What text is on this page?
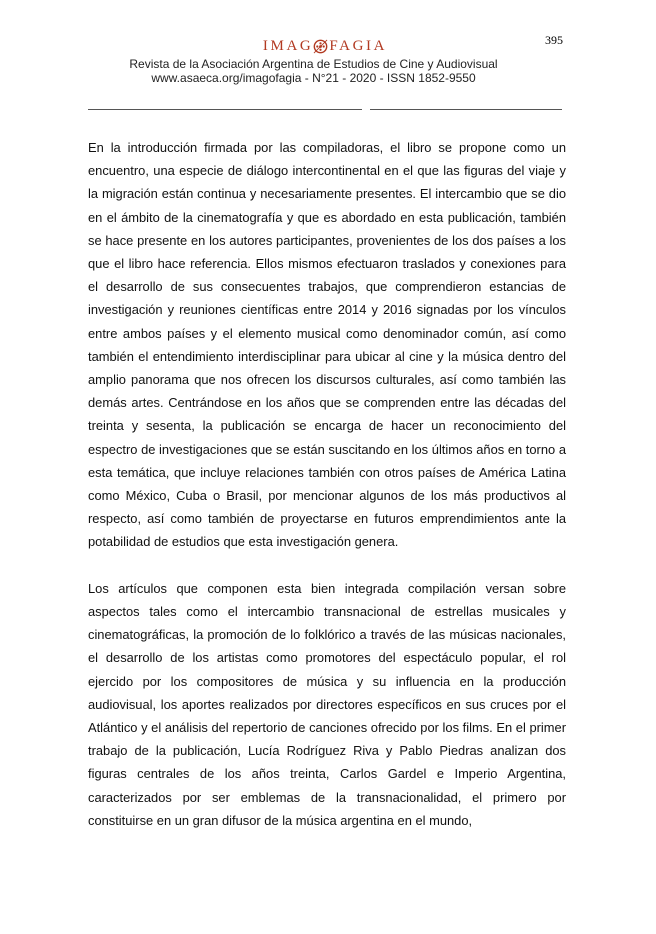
395
IMAG FAGIA
Revista de la Asociación Argentina de Estudios de Cine y Audiovisual
www.asaeca.org/imagofagia - N°21 - 2020 - ISSN 1852-9550

En la introducción firmada por las compiladoras, el libro se propone como un encuentro, una especie de diálogo intercontinental en el que las figuras del viaje y la migración están continua y necesariamente presentes. El intercambio que se dio en el ámbito de la cinematografía y que es abordado en esta publicación, también se hace presente en los autores participantes, provenientes de los dos países a los que el libro hace referencia. Ellos mismos efectuaron traslados y conexiones para el desarrollo de sus consecuentes trabajos, que comprendieron estancias de investigación y reuniones científicas entre 2014 y 2016 signadas por los vínculos entre ambos países y el elemento musical como denominador común, así como también el entendimiento interdisciplinar para ubicar al cine y la música dentro del amplio panorama que nos ofrecen los discursos culturales, así como también las demás artes. Centrándose en los años que se comprenden entre las décadas del treinta y sesenta, la publicación se encarga de hacer un reconocimiento del espectro de investigaciones que se están suscitando en los últimos años en torno a esta temática, que incluye relaciones también con otros países de América Latina como México, Cuba o Brasil, por mencionar algunos de los más productivos al respecto, así como también de proyectarse en futuros emprendimientos ante la potabilidad de estudios que esta investigación genera.

Los artículos que componen esta bien integrada compilación versan sobre aspectos tales como el intercambio transnacional de estrellas musicales y cinematográficas, la promoción de lo folklórico a través de las músicas nacionales, el desarrollo de los artistas como promotores del espectáculo popular, el rol ejercido por los compositores de música y su influencia en la producción audiovisual, los aportes realizados por directores específicos en sus cruces por el Atlántico y el análisis del repertorio de canciones ofrecido por los films. En el primer trabajo de la publicación, Lucía Rodríguez Riva y Pablo Piedras analizan dos figuras centrales de los años treinta, Carlos Gardel e Imperio Argentina, caracterizados por ser emblemas de la transnacionalidad, el primero por constituirse en un gran difusor de la música argentina en el mundo,
